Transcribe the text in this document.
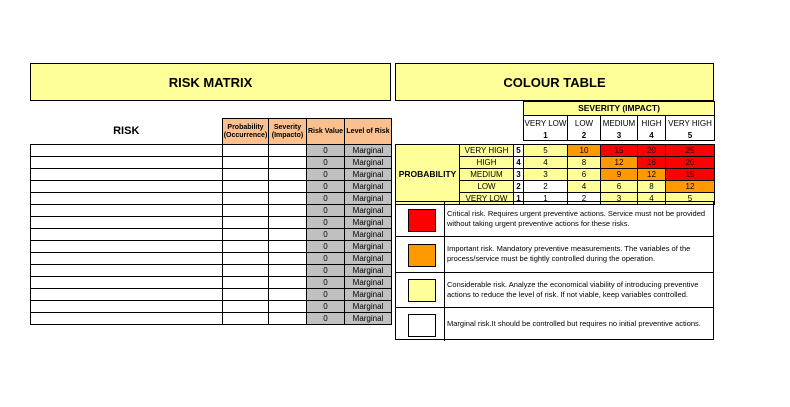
RISK MATRIX	COLOUR TABLE
RISK	Probability (Occurrence)	Severity (Impacto)	Risk Value	Level of Risk
			0	Marginal
			0	Marginal
			0	Marginal
			0	Marginal
			0	Marginal
			0	Marginal
			0	Marginal
			0	Marginal
			0	Marginal
			0	Marginal
			0	Marginal
			0	Marginal
			0	Marginal
			0	Marginal
			0	Marginal
SEVERITY (IMPACT)				
VERY LOW	LOW	MEDIUM	HIGH	VERY HIGH
1	2	3	4	5
PROBABILITY	VERY HIGH	5	5	10	15	20	25
	HIGH	4	4	8	12	16	20
	MEDIUM	3	3	6	9	12	15
	LOW	2	2	4	6	8	12
	VERY LOW	1	1	2	3	4	5
Critical risk. Requires urgent preventive actions. Service must not be provided without taking urgent preventive actions for these risks.
Important risk. Mandatory preventive measurements. The variables of the process/service must be tightly controlled during the operation.
Considerable risk. Analyze the economical viability of introducing preventive actions to reduce the level of risk. If not viable, keep variables controlled.
Marginal risk.It should be controlled but requires no initial preventive actions.
